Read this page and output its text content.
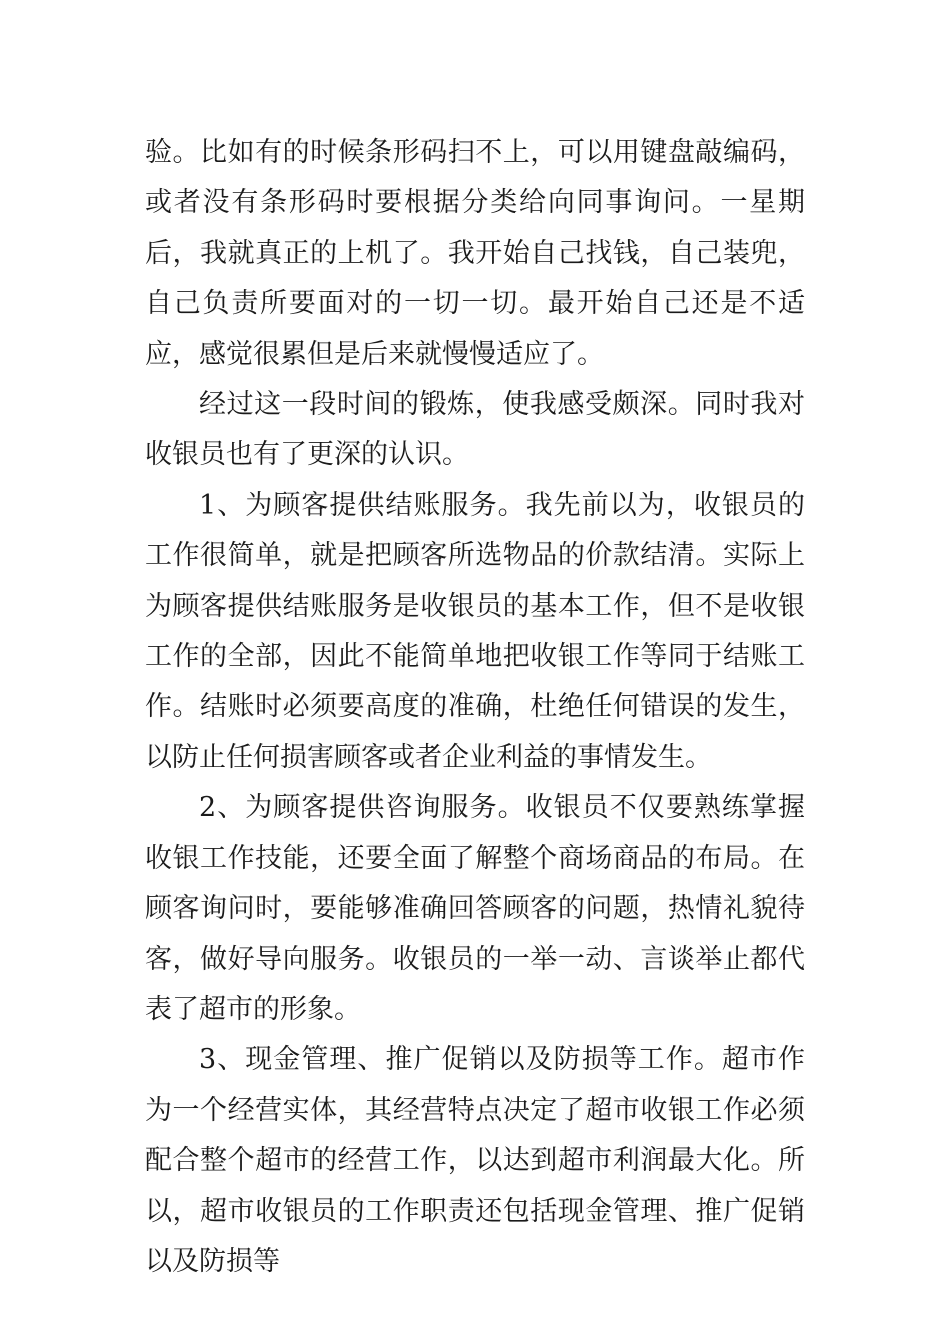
验。比如有的时候条形码扫不上，可以用键盘敲编码，或者没有条形码时要根据分类给向同事询问。一星期后，我就真正的上机了。我开始自己找钱，自己装兜，自己负责所要面对的一切一切。最开始自己还是不适应，感觉很累但是后来就慢慢适应了。

经过这一段时间的锻炼，使我感受颇深。同时我对收银员也有了更深的认识。

1、为顾客提供结账服务。我先前以为，收银员的工作很简单，就是把顾客所选物品的价款结清。实际上为顾客提供结账服务是收银员的基本工作，但不是收银工作的全部，因此不能简单地把收银工作等同于结账工作。结账时必须要高度的准确，杜绝任何错误的发生，以防止任何损害顾客或者企业利益的事情发生。

2、为顾客提供咨询服务。收银员不仅要熟练掌握收银工作技能，还要全面了解整个商场商品的布局。在顾客询问时，要能够准确回答顾客的问题，热情礼貌待客，做好导向服务。收银员的一举一动、言谈举止都代表了超市的形象。

3、现金管理、推广促销以及防损等工作。超市作为一个经营实体，其经营特点决定了超市收银工作必须配合整个超市的经营工作，以达到超市利润最大化。所以，超市收银员的工作职责还包括现金管理、推广促销以及防损等
